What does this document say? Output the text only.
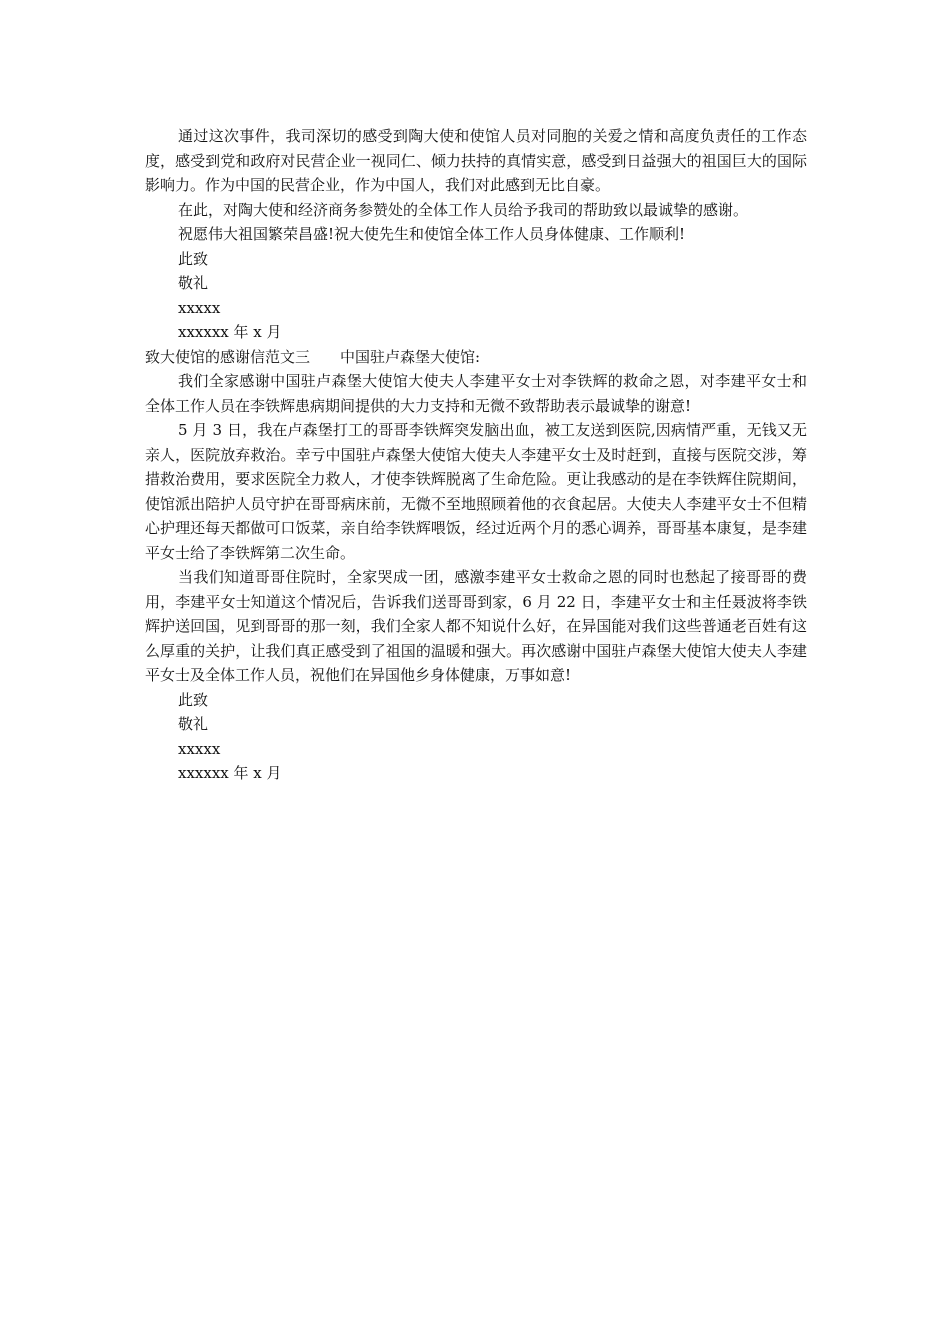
通过这次事件，我司深切的感受到陶大使和使馆人员对同胞的关爱之情和高度负责任的工作态度，感受到党和政府对民营企业一视同仁、倾力扶持的真情实意，感受到日益强大的祖国巨大的国际影响力。作为中国的民营企业，作为中国人，我们对此感到无比自豪。

在此，对陶大使和经济商务参赞处的全体工作人员给予我司的帮助致以最诚挚的感谢。

祝愿伟大祖国繁荣昌盛!祝大使先生和使馆全体工作人员身体健康、工作顺利!

此致

敬礼

xxxxx

xxxxxx 年 x 月

致大使馆的感谢信范文三 中国驻卢森堡大使馆:

我们全家感谢中国驻卢森堡大使馆大使夫人李建平女士对李铁辉的救命之恩，对李建平女士和全体工作人员在李铁辉患病期间提供的大力支持和无微不致帮助表示最诚挚的谢意!

5 月 3 日，我在卢森堡打工的哥哥李铁辉突发脑出血，被工友送到医院,因病情严重，无钱又无亲人，医院放弃救治。幸亏中国驻卢森堡大使馆大使夫人李建平女士及时赶到，直接与医院交涉，筹措救治费用，要求医院全力救人，才使李铁辉脱离了生命危险。更让我感动的是在李铁辉住院期间，使馆派出陪护人员守护在哥哥病床前，无微不至地照顾着他的衣食起居。大使夫人李建平女士不但精心护理还每天都做可口饭菜，亲自给李铁辉喂饭，经过近两个月的悉心调养，哥哥基本康复，是李建平女士给了李铁辉第二次生命。

当我们知道哥哥住院时，全家哭成一团，感激李建平女士救命之恩的同时也愁起了接哥哥的费用，李建平女士知道这个情况后，告诉我们送哥哥到家，6 月 22 日，李建平女士和主任聂波将李铁辉护送回国，见到哥哥的那一刻，我们全家人都不知说什么好，在异国能对我们这些普通老百姓有这么厚重的关护，让我们真正感受到了祖国的温暖和强大。再次感谢中国驻卢森堡大使馆大使夫人李建平女士及全体工作人员，祝他们在异国他乡身体健康，万事如意!

此致

敬礼

xxxxx

xxxxxx 年 x 月
